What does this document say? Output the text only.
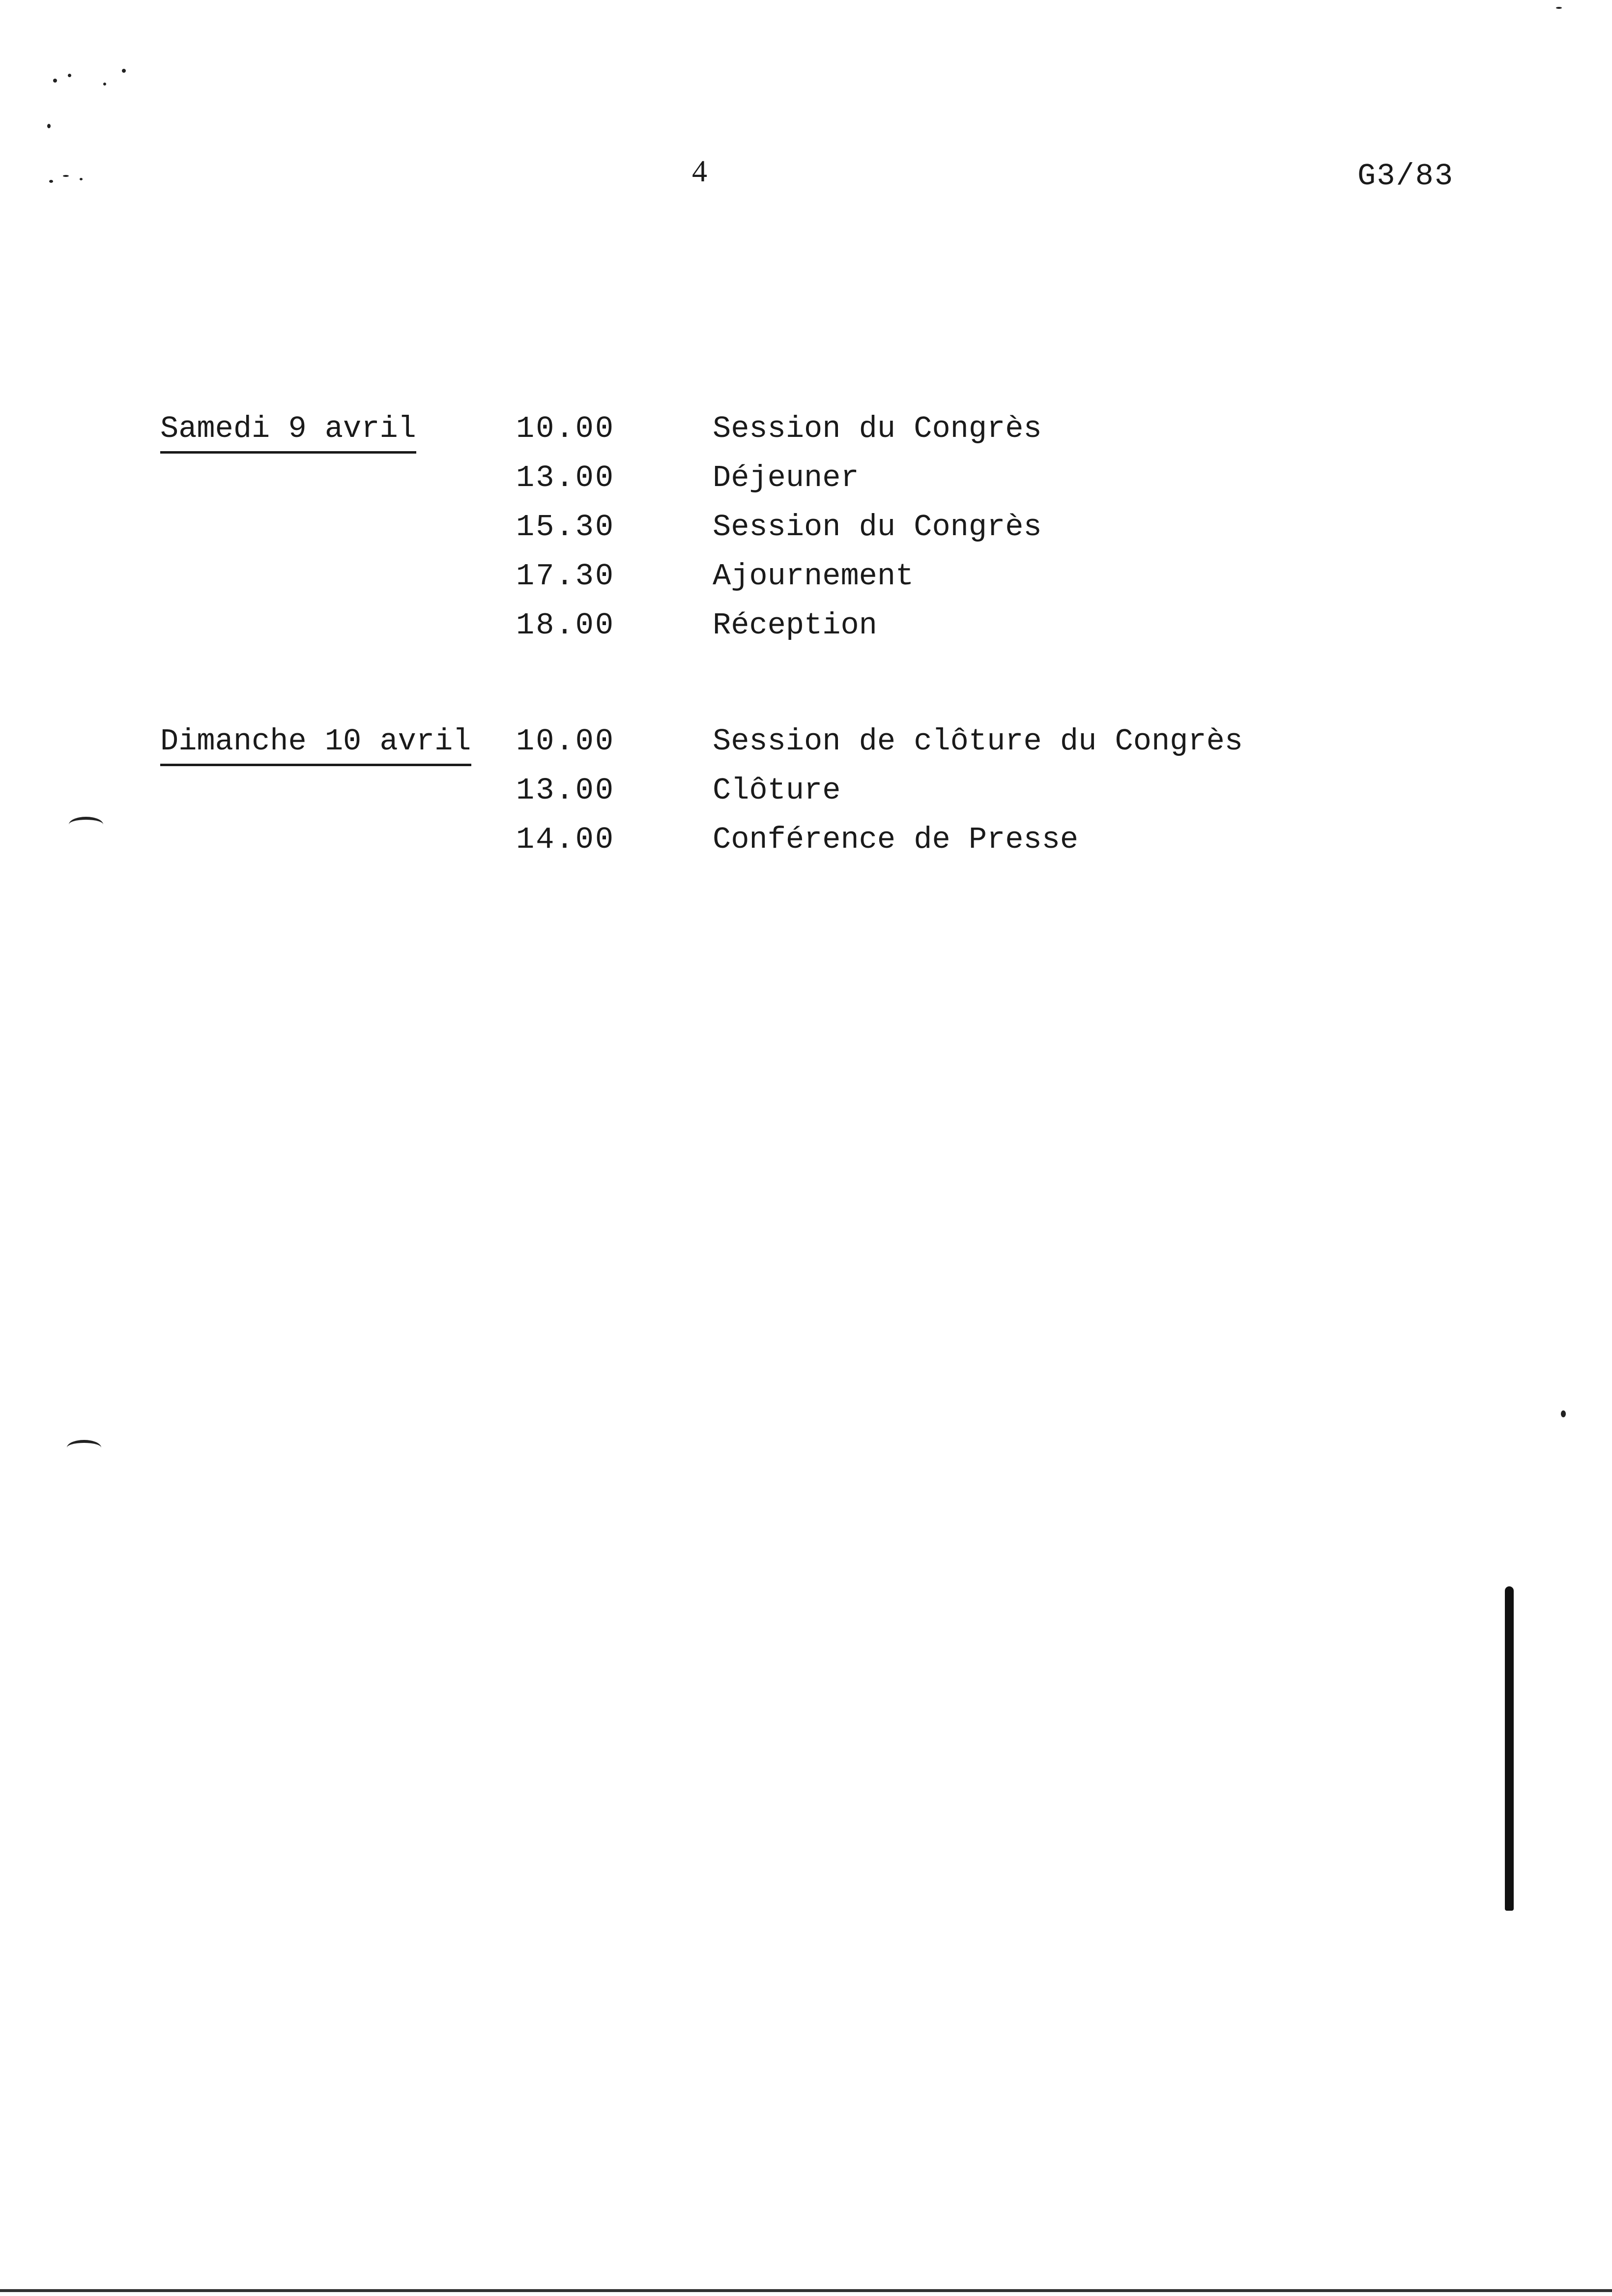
4	G3/83
Samedi 9 avril	10.00	Session du Congrès
13.00	Déjeuner
15.30	Session du Congrès
17.30	Ajournement
18.00	Réception
Dimanche 10 avril 10.00	Session de clôture du Congrès
13.00	Clôture
14.00	Conférence de Presse
